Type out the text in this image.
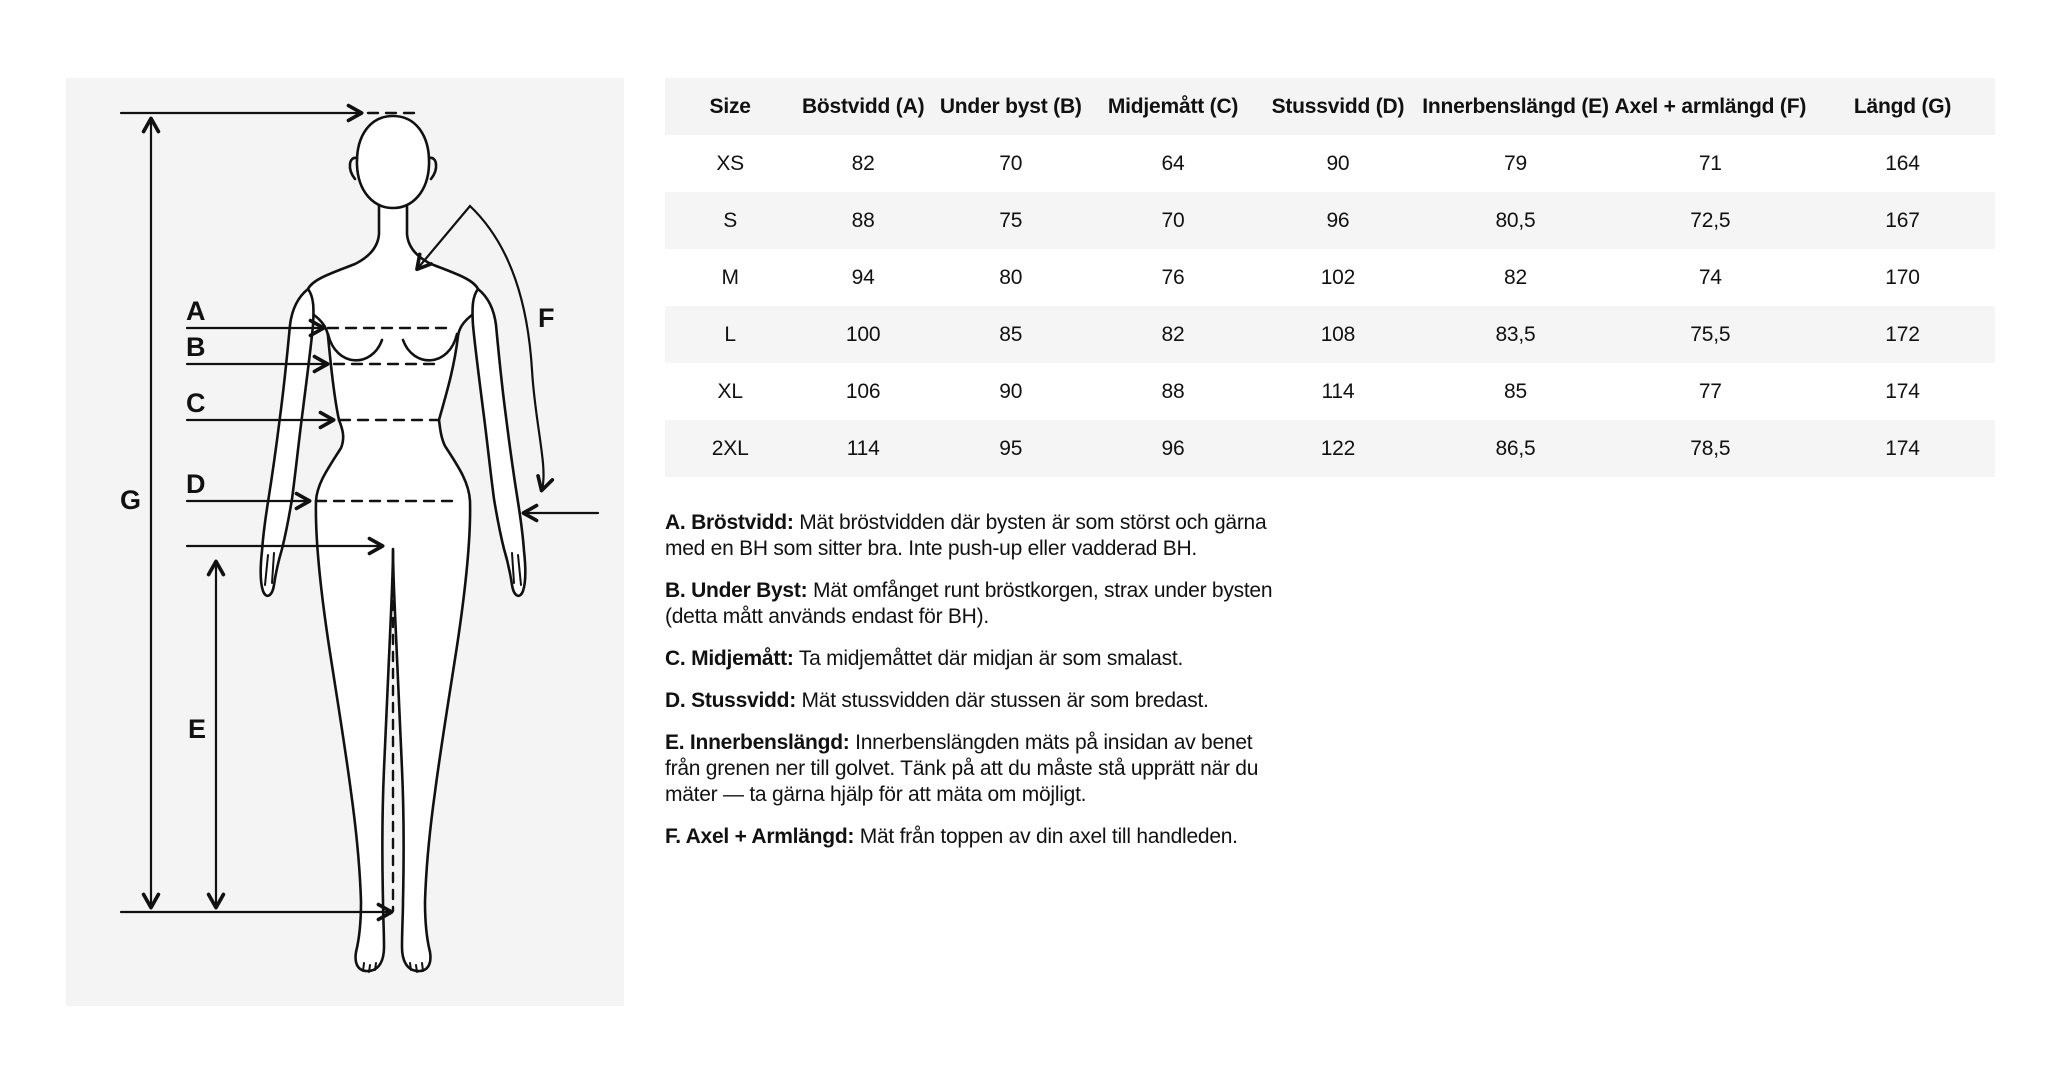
A
B
C
D
G
E
F
Size	Böstvidd (A)	Under byst (B)	Midjemått (C)	Stussvidd (D)	Innerbenslängd (E)	Axel + armlängd (F)	Längd (G)
XS	82	70	64	90	79	71	164
S	88	75	70	96	80,5	72,5	167
M	94	80	76	102	82	74	170
L	100	85	82	108	83,5	75,5	172
XL	106	90	88	114	85	77	174
2XL	114	95	96	122	86,5	78,5	174

A. Bröstvidd: Mät bröstvidden där bysten är som störst och gärna med en BH som sitter bra. Inte push-up eller vadderad BH.

B. Under Byst: Mät omfånget runt bröstkorgen, strax under bysten (detta mått används endast för BH).

C. Midjemått: Ta midjemåttet där midjan är som smalast.

D. Stussvidd: Mät stussvidden där stussen är som bredast.

E. Innerbenslängd: Innerbenslängden mäts på insidan av benet från grenen ner till golvet. Tänk på att du måste stå upprätt när du mäter — ta gärna hjälp för att mäta om möjligt.

F. Axel + Armlängd: Mät från toppen av din axel till handleden.
